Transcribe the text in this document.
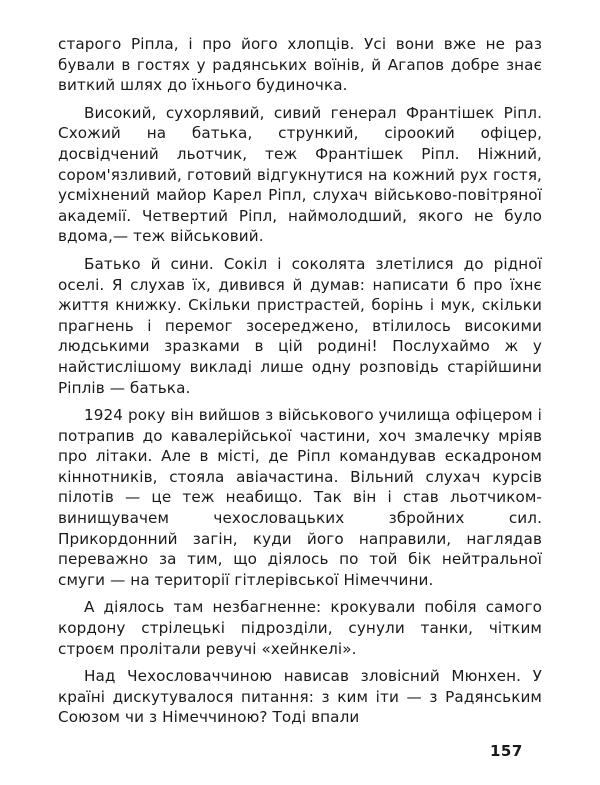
старого Ріпла, і про його хлопців. Усі вони вже не раз бували в гостях у радянських воїнів, й Агапов добре знає виткий шлях до їхнього будиночка.

Високий, сухорлявий, сивий генерал Франтішек Ріпл. Схожий на батька, стрункий, сіроокий офіцер, досвідчений льотчик, теж Франтішек Ріпл. Ніжний, сором'язливий, готовий відгукнутися на кожний рух гостя, усміхнений майор Карел Ріпл, слухач військово-повітряної академії. Четвертий Ріпл, наймолодший, якого не було вдома,— теж військовий.

Батько й сини. Сокіл і соколята злетілися до рідної оселі. Я слухав їх, дивився й думав: написати б про їхнє життя книжку. Скільки пристрастей, борінь і мук, скільки прагнень і перемог зосереджено, втілилось високими людськими зразками в цій родині! Послухаймо ж у найстислішому викладі лише одну розповідь старійшини Ріплів — батька.

1924 року він вийшов з військового училища офіцером і потрапив до кавалерійської частини, хоч змалечку мріяв про літаки. Але в місті, де Ріпл командував ескадроном кіннотників, стояла авіачастина. Вільний слухач курсів пілотів — це теж неабищо. Так він і став льотчиком-винищувачем чехословацьких збройних сил. Прикордонний загін, куди його направили, наглядав переважно за тим, що діялось по той бік нейтральної смуги — на території гітлерівської Німеччини.

А діялось там незбагненне: крокували побіля самого кордону стрілецькі підрозділи, сунули танки, чітким строєм пролітали ревучі «хейнкелі».

Над Чехословаччиною нависав зловісний Мюнхен. У країні дискутувалося питання: з ким іти — з Радянським Союзом чи з Німеччиною? Тоді впали

157
